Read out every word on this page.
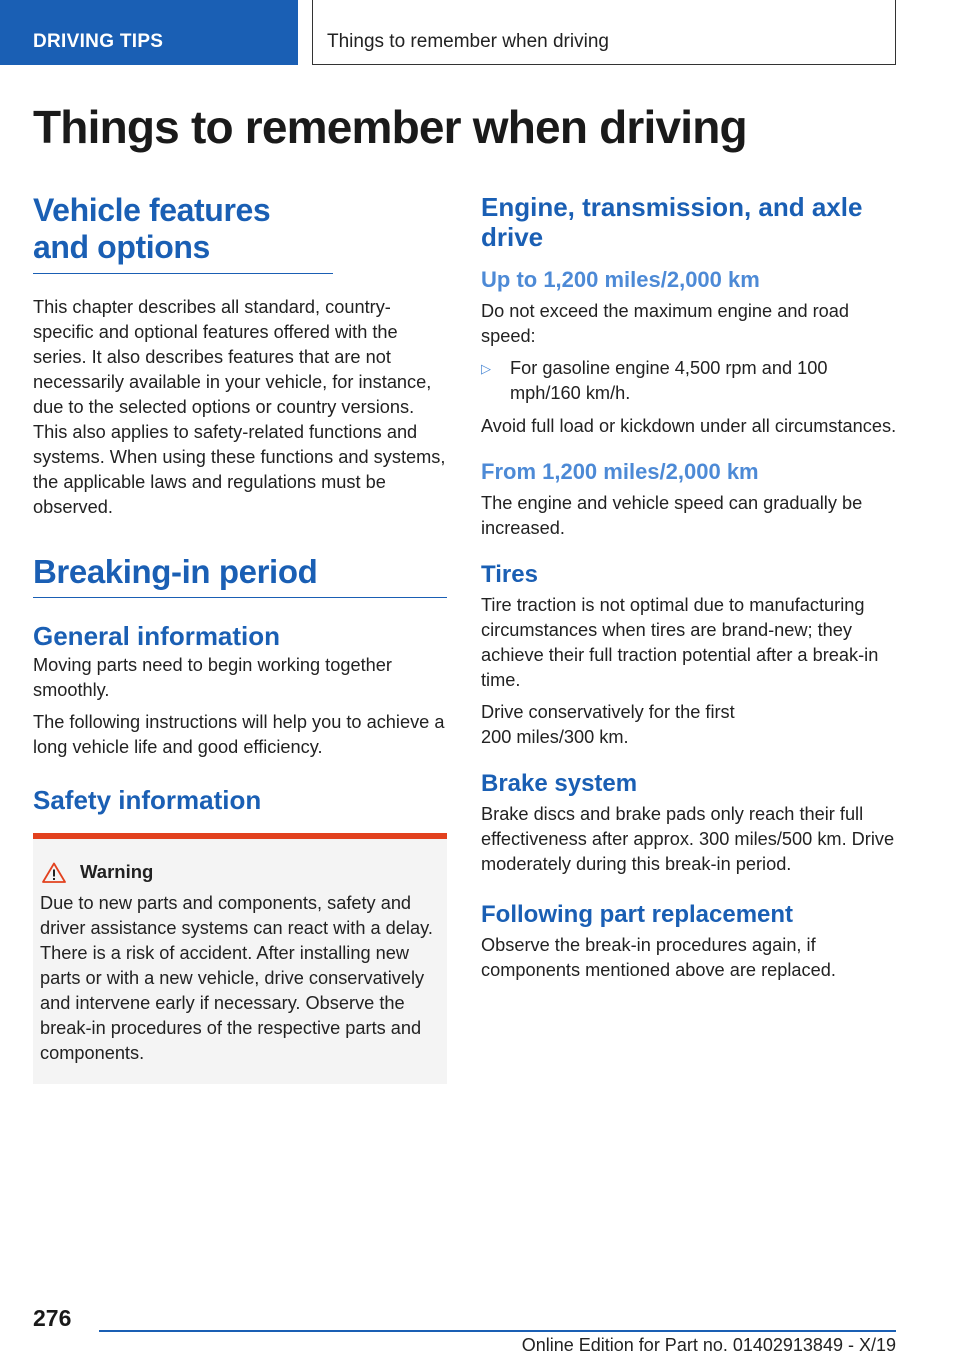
DRIVING TIPS	Things to remember when driving
Things to remember when driving
Vehicle features and options

This chapter describes all standard, country-specific and optional features offered with the series. It also describes features that are not necessarily available in your vehicle, for instance, due to the selected options or country versions. This also applies to safety-related functions and systems. When using these functions and systems, the applicable laws and regulations must be observed.

Breaking-in period
General information

Moving parts need to begin working together smoothly.

The following instructions will help you to achieve a long vehicle life and good efficiency.

Safety information
Warning

Due to new parts and components, safety and driver assistance systems can react with a delay. There is a risk of accident. After installing new parts or with a new vehicle, drive conservatively and intervene early if necessary. Observe the break-in procedures of the respective parts and components.

Engine, transmission, and axle drive
Up to 1,200 miles/2,000 km

Do not exceed the maximum engine and road speed:

▷ For gasoline engine 4,500 rpm and 100 mph/160 km/h.

Avoid full load or kickdown under all circumstances.

From 1,200 miles/2,000 km

The engine and vehicle speed can gradually be increased.

Tires

Tire traction is not optimal due to manufacturing circumstances when tires are brand-new; they achieve their full traction potential after a break-in time.

Drive conservatively for the first 200 miles/300 km.

Brake system

Brake discs and brake pads only reach their full effectiveness after approx. 300 miles/500 km. Drive moderately during this break-in period.

Following part replacement

Observe the break-in procedures again, if components mentioned above are replaced.

276
Online Edition for Part no. 01402913849 - X/19
